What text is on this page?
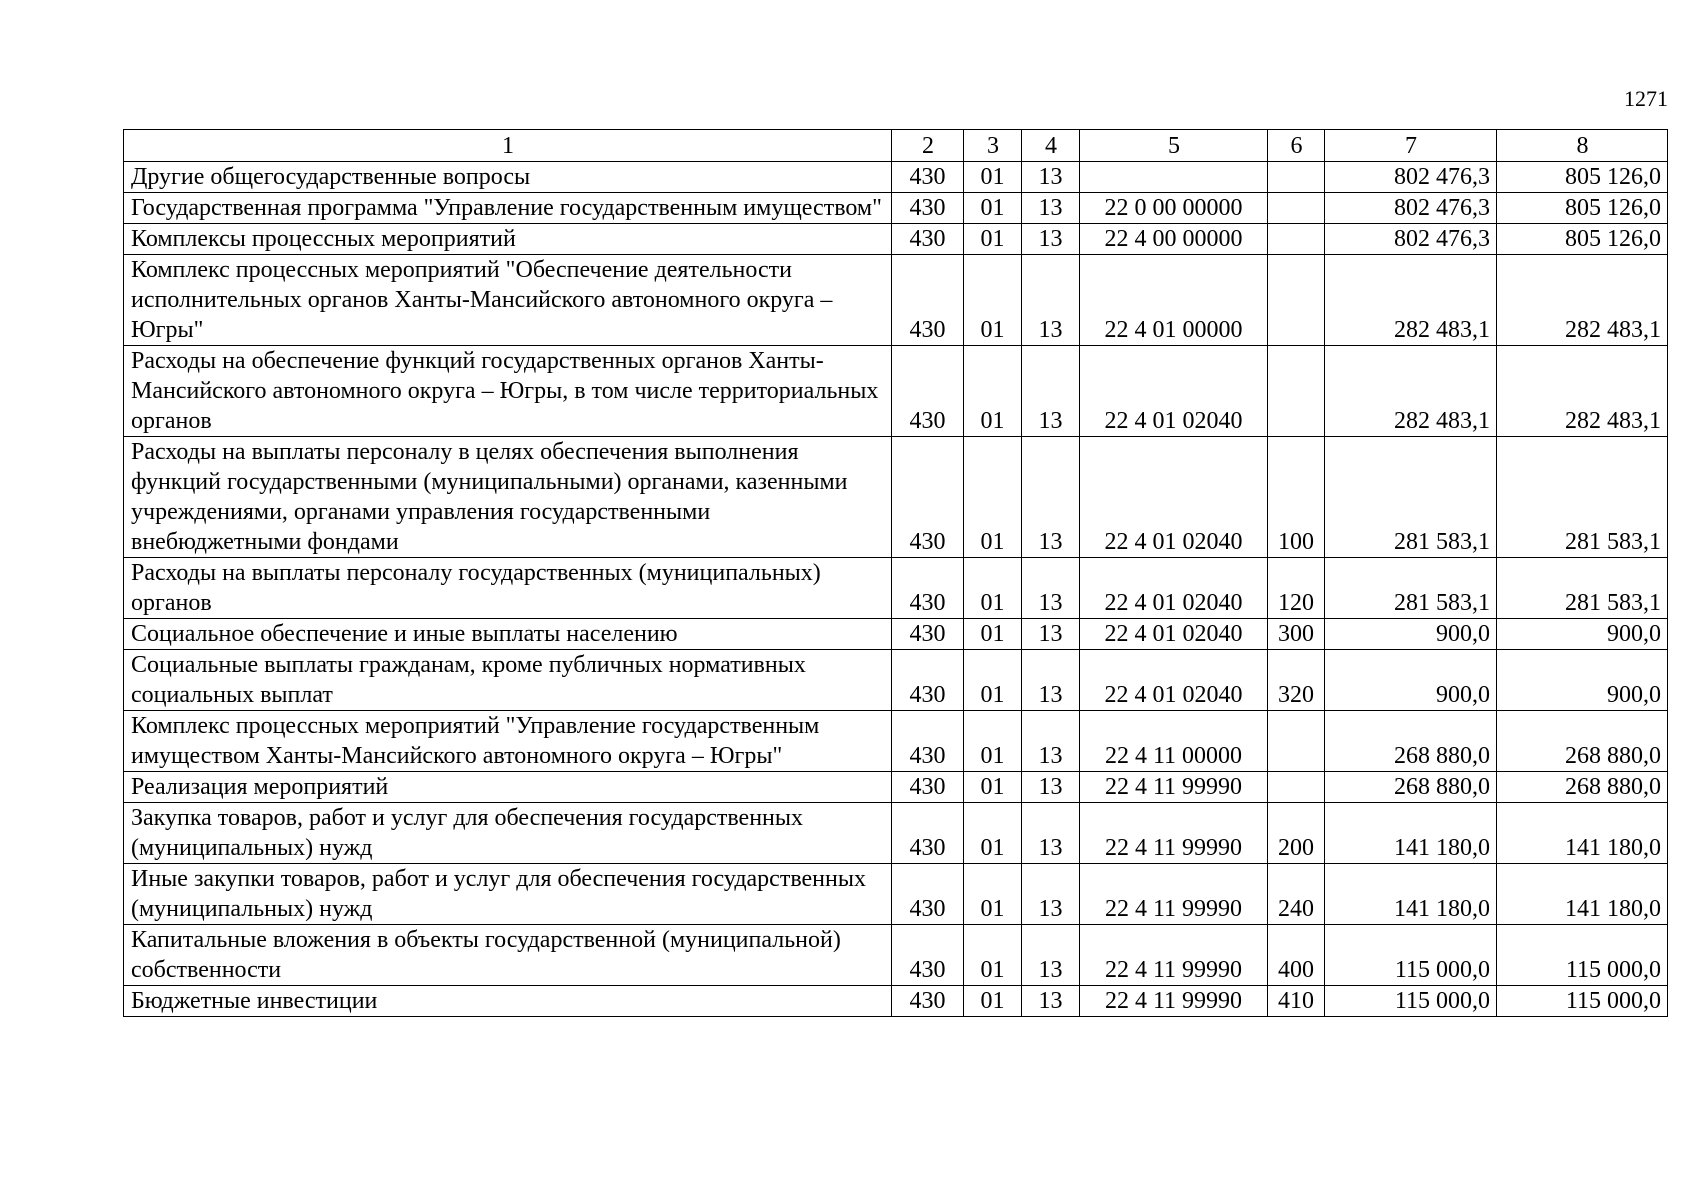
1271
1	2	3	4	5	6	7	8
Другие общегосударственные вопросы	430	01	13			802 476,3	805 126,0
Государственная программа "Управление государственным имуществом"	430	01	13	22 0 00 00000		802 476,3	805 126,0
Комплексы процессных мероприятий	430	01	13	22 4 00 00000		802 476,3	805 126,0
Комплекс процессных мероприятий "Обеспечение деятельности исполнительных органов Ханты-Мансийского автономного округа – Югры"	430	01	13	22 4 01 00000		282 483,1	282 483,1
Расходы на обеспечение функций государственных органов Ханты-Мансийского автономного округа – Югры, в том числе территориальных органов	430	01	13	22 4 01 02040		282 483,1	282 483,1
Расходы на выплаты персоналу в целях обеспечения выполнения функций государственными (муниципальными) органами, казенными учреждениями, органами управления государственными внебюджетными фондами	430	01	13	22 4 01 02040	100	281 583,1	281 583,1
Расходы на выплаты персоналу государственных (муниципальных) органов	430	01	13	22 4 01 02040	120	281 583,1	281 583,1
Социальное обеспечение и иные выплаты населению	430	01	13	22 4 01 02040	300	900,0	900,0
Социальные выплаты гражданам, кроме публичных нормативных социальных выплат	430	01	13	22 4 01 02040	320	900,0	900,0
Комплекс процессных мероприятий "Управление государственным имуществом Ханты-Мансийского автономного округа – Югры"	430	01	13	22 4 11 00000		268 880,0	268 880,0
Реализация мероприятий	430	01	13	22 4 11 99990		268 880,0	268 880,0
Закупка товаров, работ и услуг для обеспечения государственных (муниципальных) нужд	430	01	13	22 4 11 99990	200	141 180,0	141 180,0
Иные закупки товаров, работ и услуг для обеспечения государственных (муниципальных) нужд	430	01	13	22 4 11 99990	240	141 180,0	141 180,0
Капитальные вложения в объекты государственной (муниципальной) собственности	430	01	13	22 4 11 99990	400	115 000,0	115 000,0
Бюджетные инвестиции	430	01	13	22 4 11 99990	410	115 000,0	115 000,0
